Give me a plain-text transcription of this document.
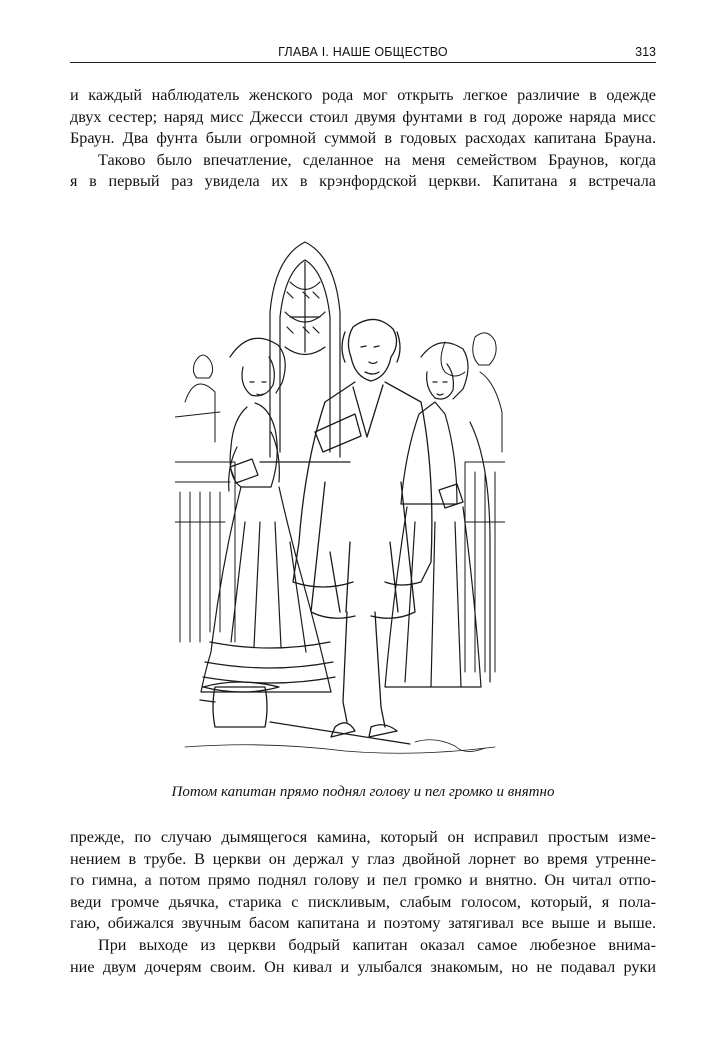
ГЛАВА I. НАШЕ ОБЩЕСТВО	313

и каждый наблюдатель женского рода мог открыть легкое различие в одежде
двух сестер; наряд мисс Джесси стоил двумя фунтами в год дороже наряда мисс
Браун. Два фунта были огромной суммой в годовых расходах капитана Брауна.

Таково было впечатление, сделанное на меня семейством Браунов, когда
я в первый раз увидела их в крэнфордской церкви. Капитана я встречала

Потом капитан прямо поднял голову и пел громко и внятно

прежде, по случаю дымящегося камина, который он исправил простым изме-
нением в трубе. В церкви он держал у глаз двойной лорнет во время утренне-
го гимна, а потом прямо поднял голову и пел громко и внятно. Он читал отпо-
веди громче дьячка, старика с пискливым, слабым голосом, который, я пола-
гаю, обижался звучным басом капитана и поэтому затягивал все выше и выше.

При выходе из церкви бодрый капитан оказал самое любезное внима-
ние двум дочерям своим. Он кивал и улыбался знакомым, но не подавал руки
